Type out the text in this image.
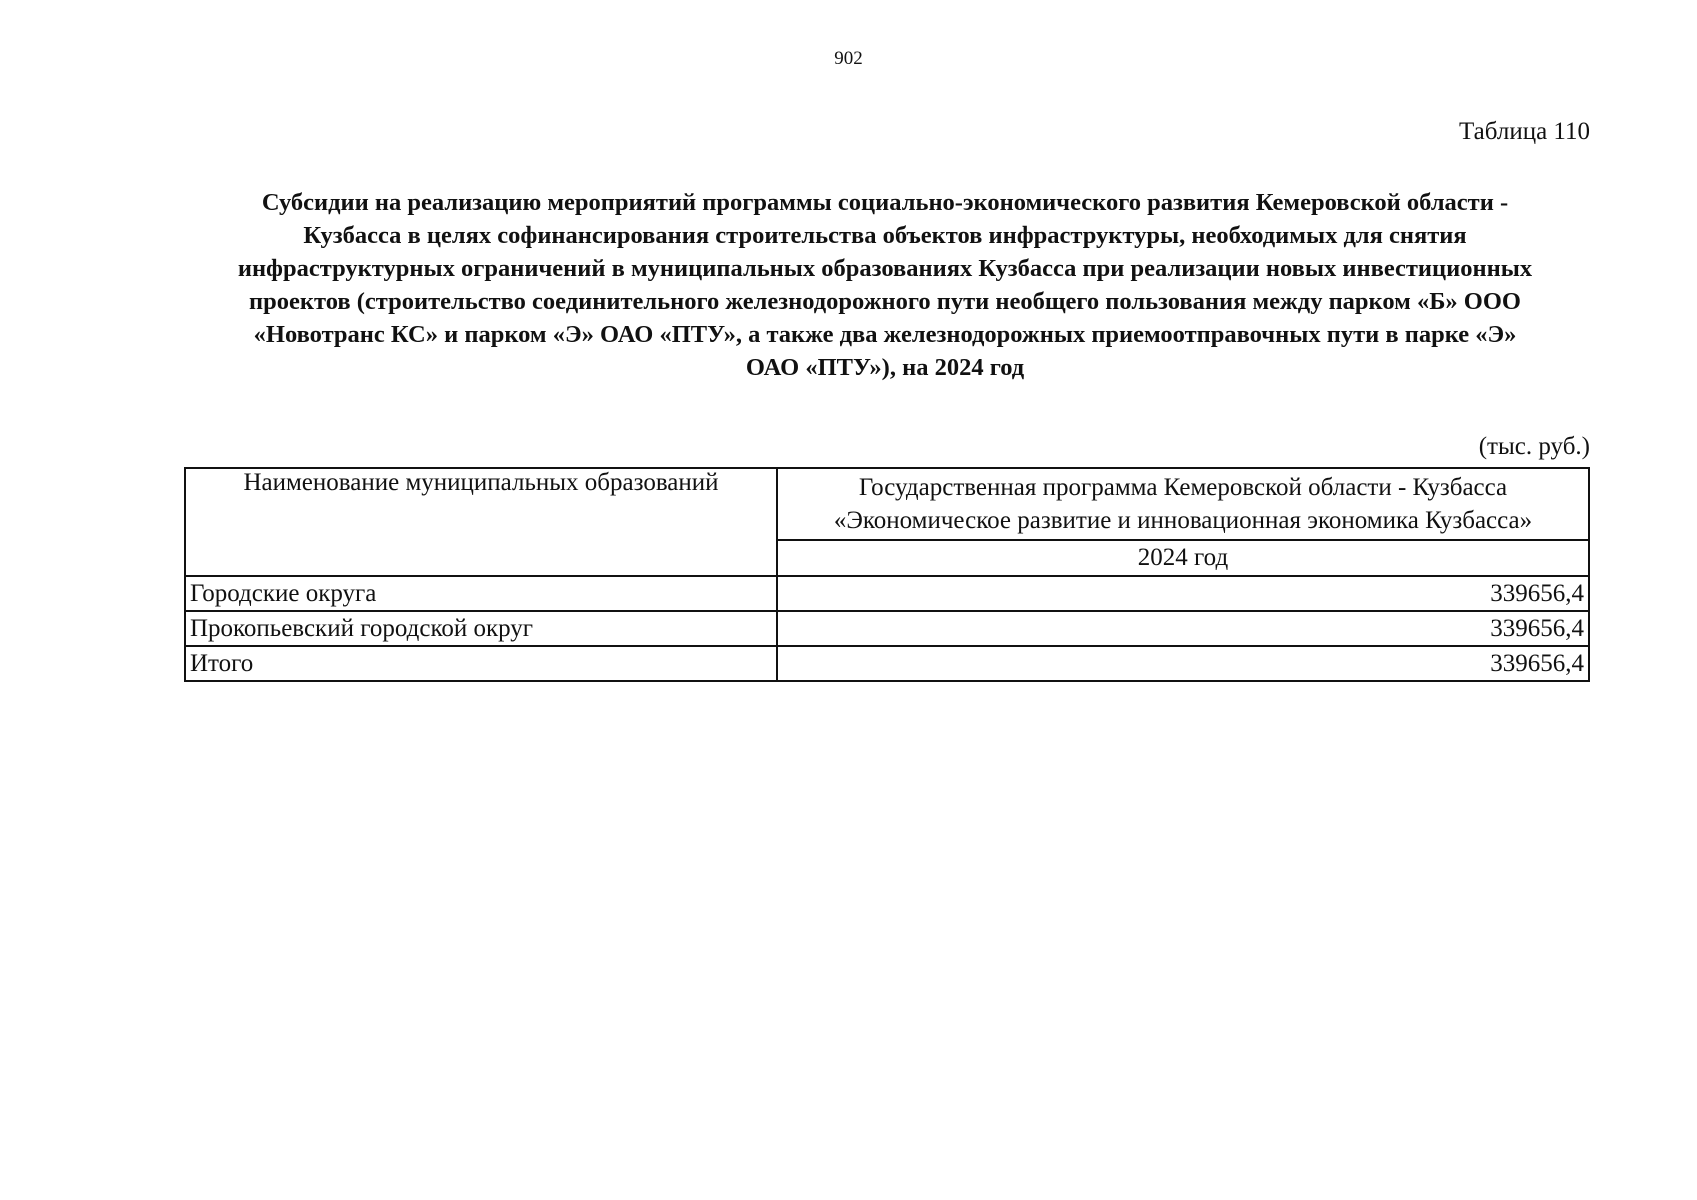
902
Таблица 110
Субсидии на реализацию мероприятий программы социально-экономического развития Кемеровской области -
Кузбасса в целях софинансирования строительства объектов инфраструктуры, необходимых для снятия
инфраструктурных ограничений в муниципальных образованиях Кузбасса при реализации новых инвестиционных
проектов (строительство соединительного железнодорожного пути необщего пользования между парком «Б» ООО
«Новотранс КС» и парком «Э» ОАО «ПТУ», а также два железнодорожных приемоотправочных пути в парке «Э»
ОАО «ПТУ»), на 2024 год
(тыс. руб.)
Наименование муниципальных образований	Государственная программа Кемеровской области - Кузбасса
«Экономическое развитие и инновационная экономика Кузбасса»

	2024 год
Городские округа	339656,4
Прокопьевский городской округ	339656,4
Итого	339656,4
